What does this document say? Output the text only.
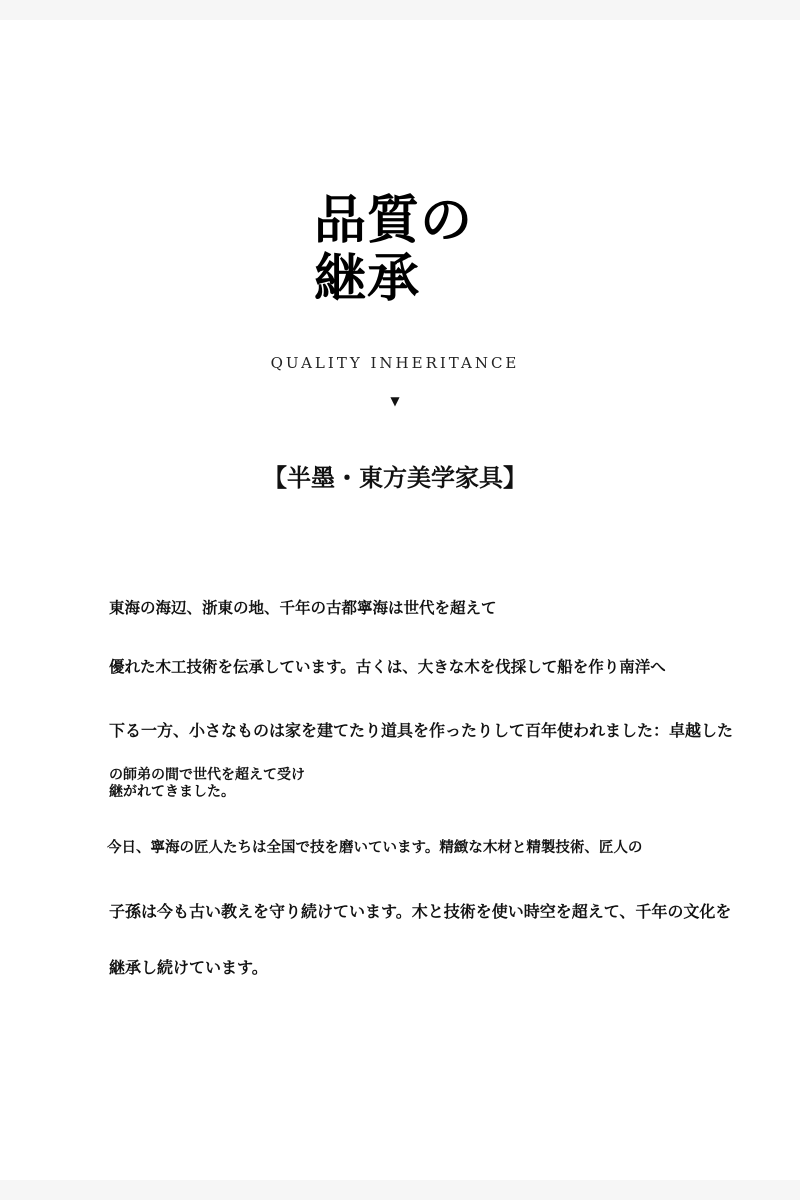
品質の
継承
QUALITY INHERITANCE
▼
【半墨・東方美学家具】

東海の海辺、浙東の地、千年の古都寧海は世代を超えて

優れた木工技術を伝承しています。古くは、大きな木を伐採して船を作り南洋へ

下る一方、小さなものは家を建てたり道具を作ったりして百年使われました：卓越した

の師弟の間で世代を超えて受け
継がれてきました。

今日、寧海の匠人たちは全国で技を磨いています。精緻な木材と精製技術、匠人の

子孫は今も古い教えを守り続けています。木と技術を使い時空を超えて、千年の文化を

継承し続けています。
